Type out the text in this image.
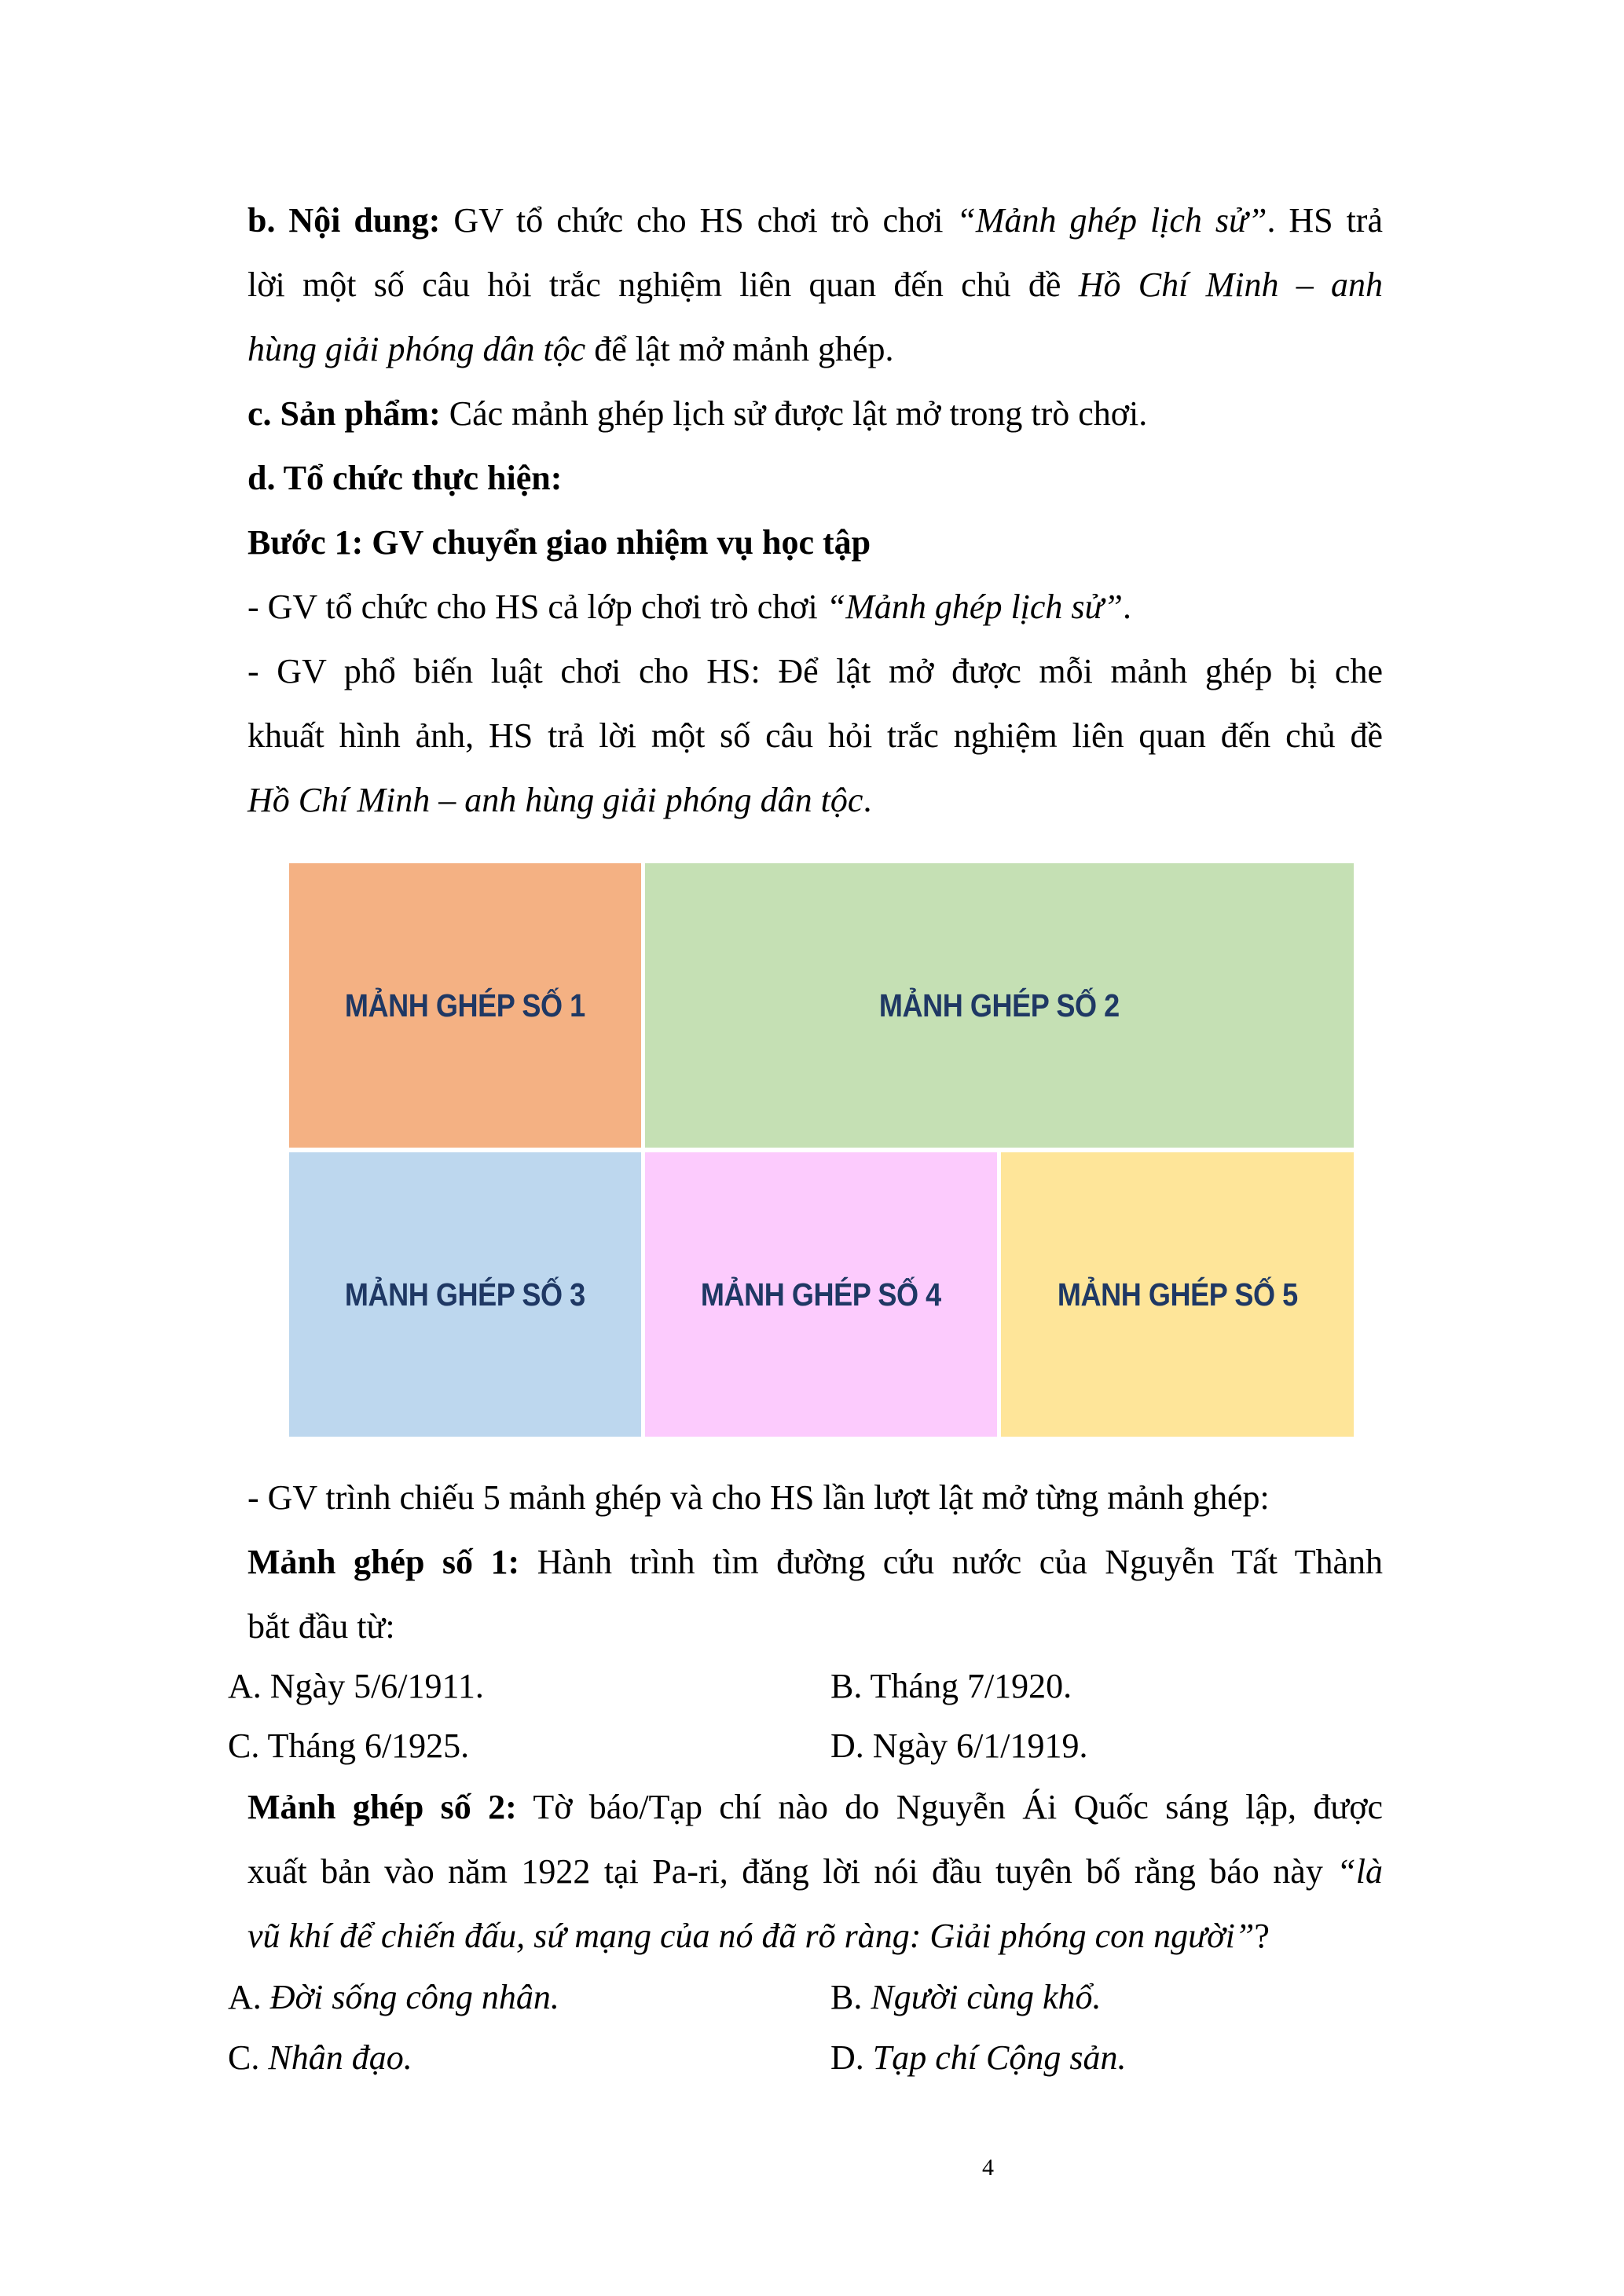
b. Nội dung: GV tổ chức cho HS chơi trò chơi “Mảnh ghép lịch sử”. HS trả
lời một số câu hỏi trắc nghiệm liên quan đến chủ đề Hồ Chí Minh – anh
hùng giải phóng dân tộc để lật mở mảnh ghép.
c. Sản phẩm: Các mảnh ghép lịch sử được lật mở trong trò chơi.
d. Tổ chức thực hiện:
Bước 1: GV chuyển giao nhiệm vụ học tập
- GV tổ chức cho HS cả lớp chơi trò chơi “Mảnh ghép lịch sử”.
- GV phổ biến luật chơi cho HS: Để lật mở được mỗi mảnh ghép bị che
khuất hình ảnh, HS trả lời một số câu hỏi trắc nghiệm liên quan đến chủ đề
Hồ Chí Minh – anh hùng giải phóng dân tộc.
MẢNH GHÉP SỐ 1	MẢNH GHÉP SỐ 2
MẢNH GHÉP SỐ 3	MẢNH GHÉP SỐ 4	MẢNH GHÉP SỐ 5
- GV trình chiếu 5 mảnh ghép và cho HS lần lượt lật mở từng mảnh ghép:
Mảnh ghép số 1: Hành trình tìm đường cứu nước của Nguyễn Tất Thành
bắt đầu từ:
A. Ngày 5/6/1911.	B. Tháng 7/1920.
C. Tháng 6/1925.	D. Ngày 6/1/1919.
Mảnh ghép số 2: Tờ báo/Tạp chí nào do Nguyễn Ái Quốc sáng lập, được
xuất bản vào năm 1922 tại Pa-ri, đăng lời nói đầu tuyên bố rằng báo này “là
vũ khí để chiến đấu, sứ mạng của nó đã rõ ràng: Giải phóng con người”?
A. Đời sống công nhân.	B. Người cùng khổ.
C. Nhân đạo.	D. Tạp chí Cộng sản.
4
